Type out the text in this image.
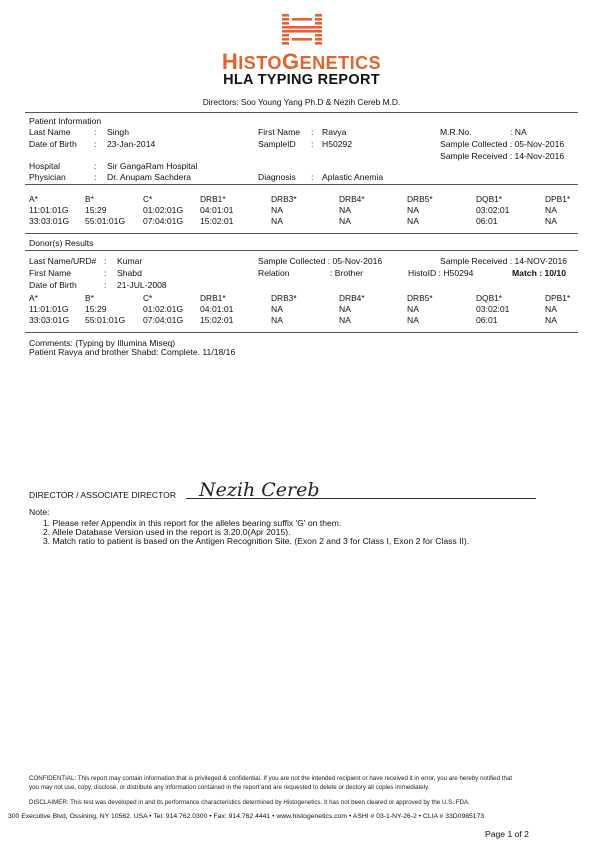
HISTOGENETICS
HLA TYPING REPORT
Directors: Soo Young Yang Ph.D & Nezih Cereb M.D.
Patient Information
Last Name	: Singh	First Name : Ravya	M.R.No.	: NA
Date of Birth : 23-Jan-2014	SampleID : H50292	Sample Collected : 05-Nov-2016
Sample Received : 14-Nov-2016
Hospital	: Sir GangaRam Hospital
Physician	: Dr. Anupam Sachdera	Diagnosis : Aplastic Anemia
A*	B*	C*	DRB1*	DRB3*	DRB4*	DRB5*	DQB1*	DPB1*
11:01:01G 15:29	01:02:01G 04:01:01	NA	NA	NA	03:02:01	NA
33:03:01G 55:01:01G 07:04:01G 15:02:01	NA	NA	NA	06:01	NA
Donor(s) Results
Last Name/URD# : Kumar	Sample Collected : 05-Nov-2016	Sample Received : 14-NOV-2016
First Name	: Shabd	Relation	: Brother	HistoID : H50294	Match : 10/10
Date of Birth	: 21-JUL-2008
A*	B*	C*	DRB1*	DRB3*	DRB4*	DRB5*	DQB1*	DPB1*
11:01:01G 15:29	01:02:01G 04:01:01	NA	NA	NA	03:02:01	NA
33:03:01G 55:01:01G 07:04:01G 15:02:01	NA	NA	NA	06:01	NA
Comments: (Typing by Illumina Miseq)
Patient Ravya and brother Shabd: Complete. 11/18/16
DIRECTOR / ASSOCIATE DIRECTOR Nezih Cereb
Note:
1. Please refer Appendix in this report for the alleles bearing suffix 'G' on them.
2. Allele Database Version used in the report is 3.20.0(Apr 2015).
3. Match ratio to patient is based on the Antigen Recognition Site. (Exon 2 and 3 for Class I, Exon 2 for Class II).
CONFIDENTIAL: This report may contain information that is privileged & confidential. If you are not the intended recipient or have received it in error, you are hereby notified that
you may not use, copy, disclose, or distribute any information contained in the report and are requested to delete or destory all copies immediately.
DISCLAIMER: This test was developed in and its performance characteristics determined by Histogenetics. It has not been cleared or approved by the U.S. FDA.
300 Executive Blvd, Ossining, NY 10562. USA • Tel: 914.762.0300 • Fax: 914.762.4441 • www.histogenetics.com • ASHI # 03-1-NY-26-2 • CLIA # 33D0985173
Page 1 of 2
